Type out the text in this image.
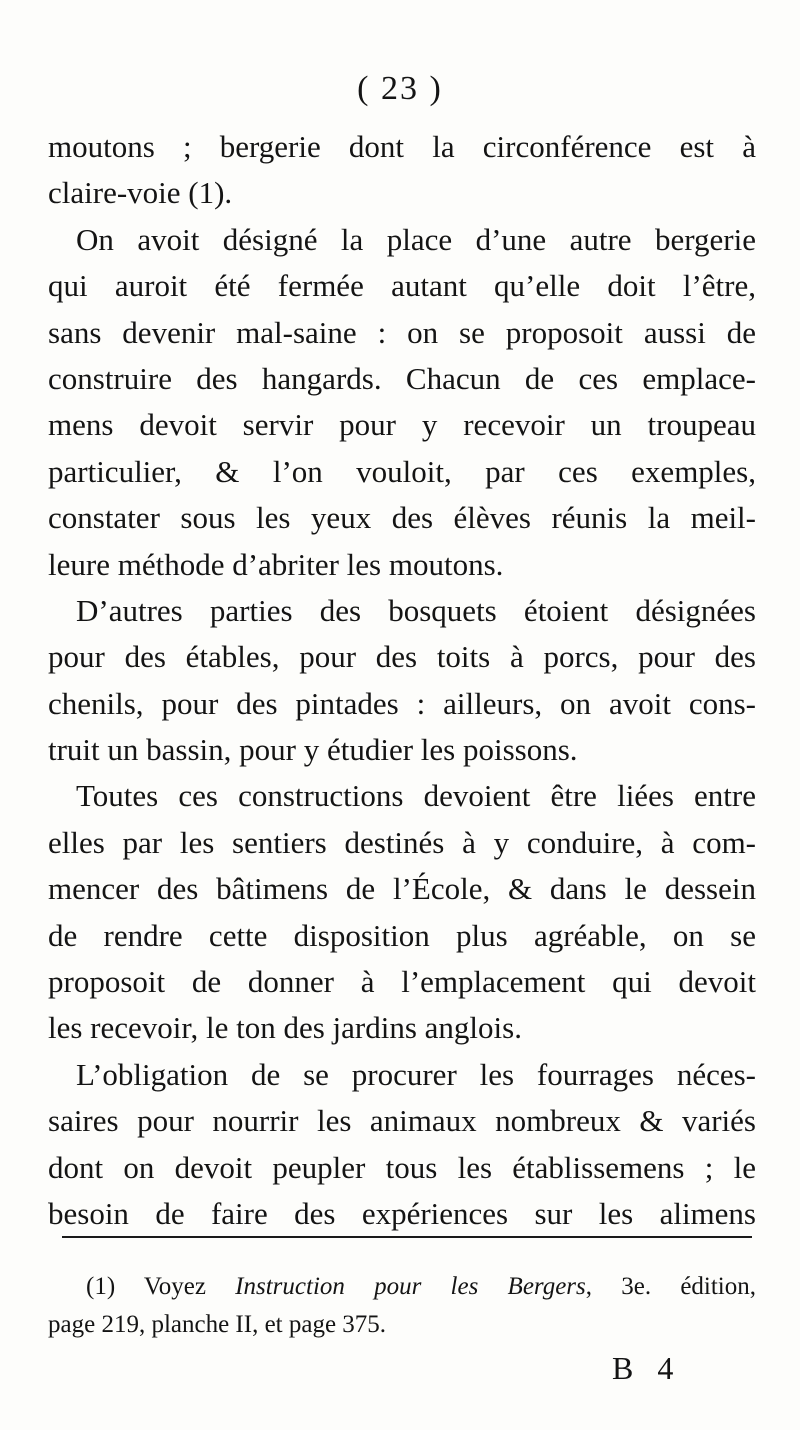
( 23 )
moutons ; bergerie dont la circonférence est à
claire-voie (1).
On avoit désigné la place d’une autre bergerie
qui auroit été fermée autant qu’elle doit l’être,
sans devenir mal-saine : on se proposoit aussi de
construire des hangards. Chacun de ces emplace-
mens devoit servir pour y recevoir un troupeau
particulier, & l’on vouloit, par ces exemples,
constater sous les yeux des élèves réunis la meil-
leure méthode d’abriter les moutons.
D’autres parties des bosquets étoient désignées
pour des étables, pour des toits à porcs, pour des
chenils, pour des pintades : ailleurs, on avoit cons-
truit un bassin, pour y étudier les poissons.
Toutes ces constructions devoient être liées entre
elles par les sentiers destinés à y conduire, à com-
mencer des bâtimens de l’École, & dans le dessein
de rendre cette disposition plus agréable, on se
proposoit de donner à l’emplacement qui devoit
les recevoir, le ton des jardins anglois.
L’obligation de se procurer les fourrages néces-
saires pour nourrir les animaux nombreux & variés
dont on devoit peupler tous les établissemens ; le
besoin de faire des expériences sur les alimens
(1) Voyez Instruction pour les Bergers, 3e. édition,
page 219, planche II, et page 375.
B 4
